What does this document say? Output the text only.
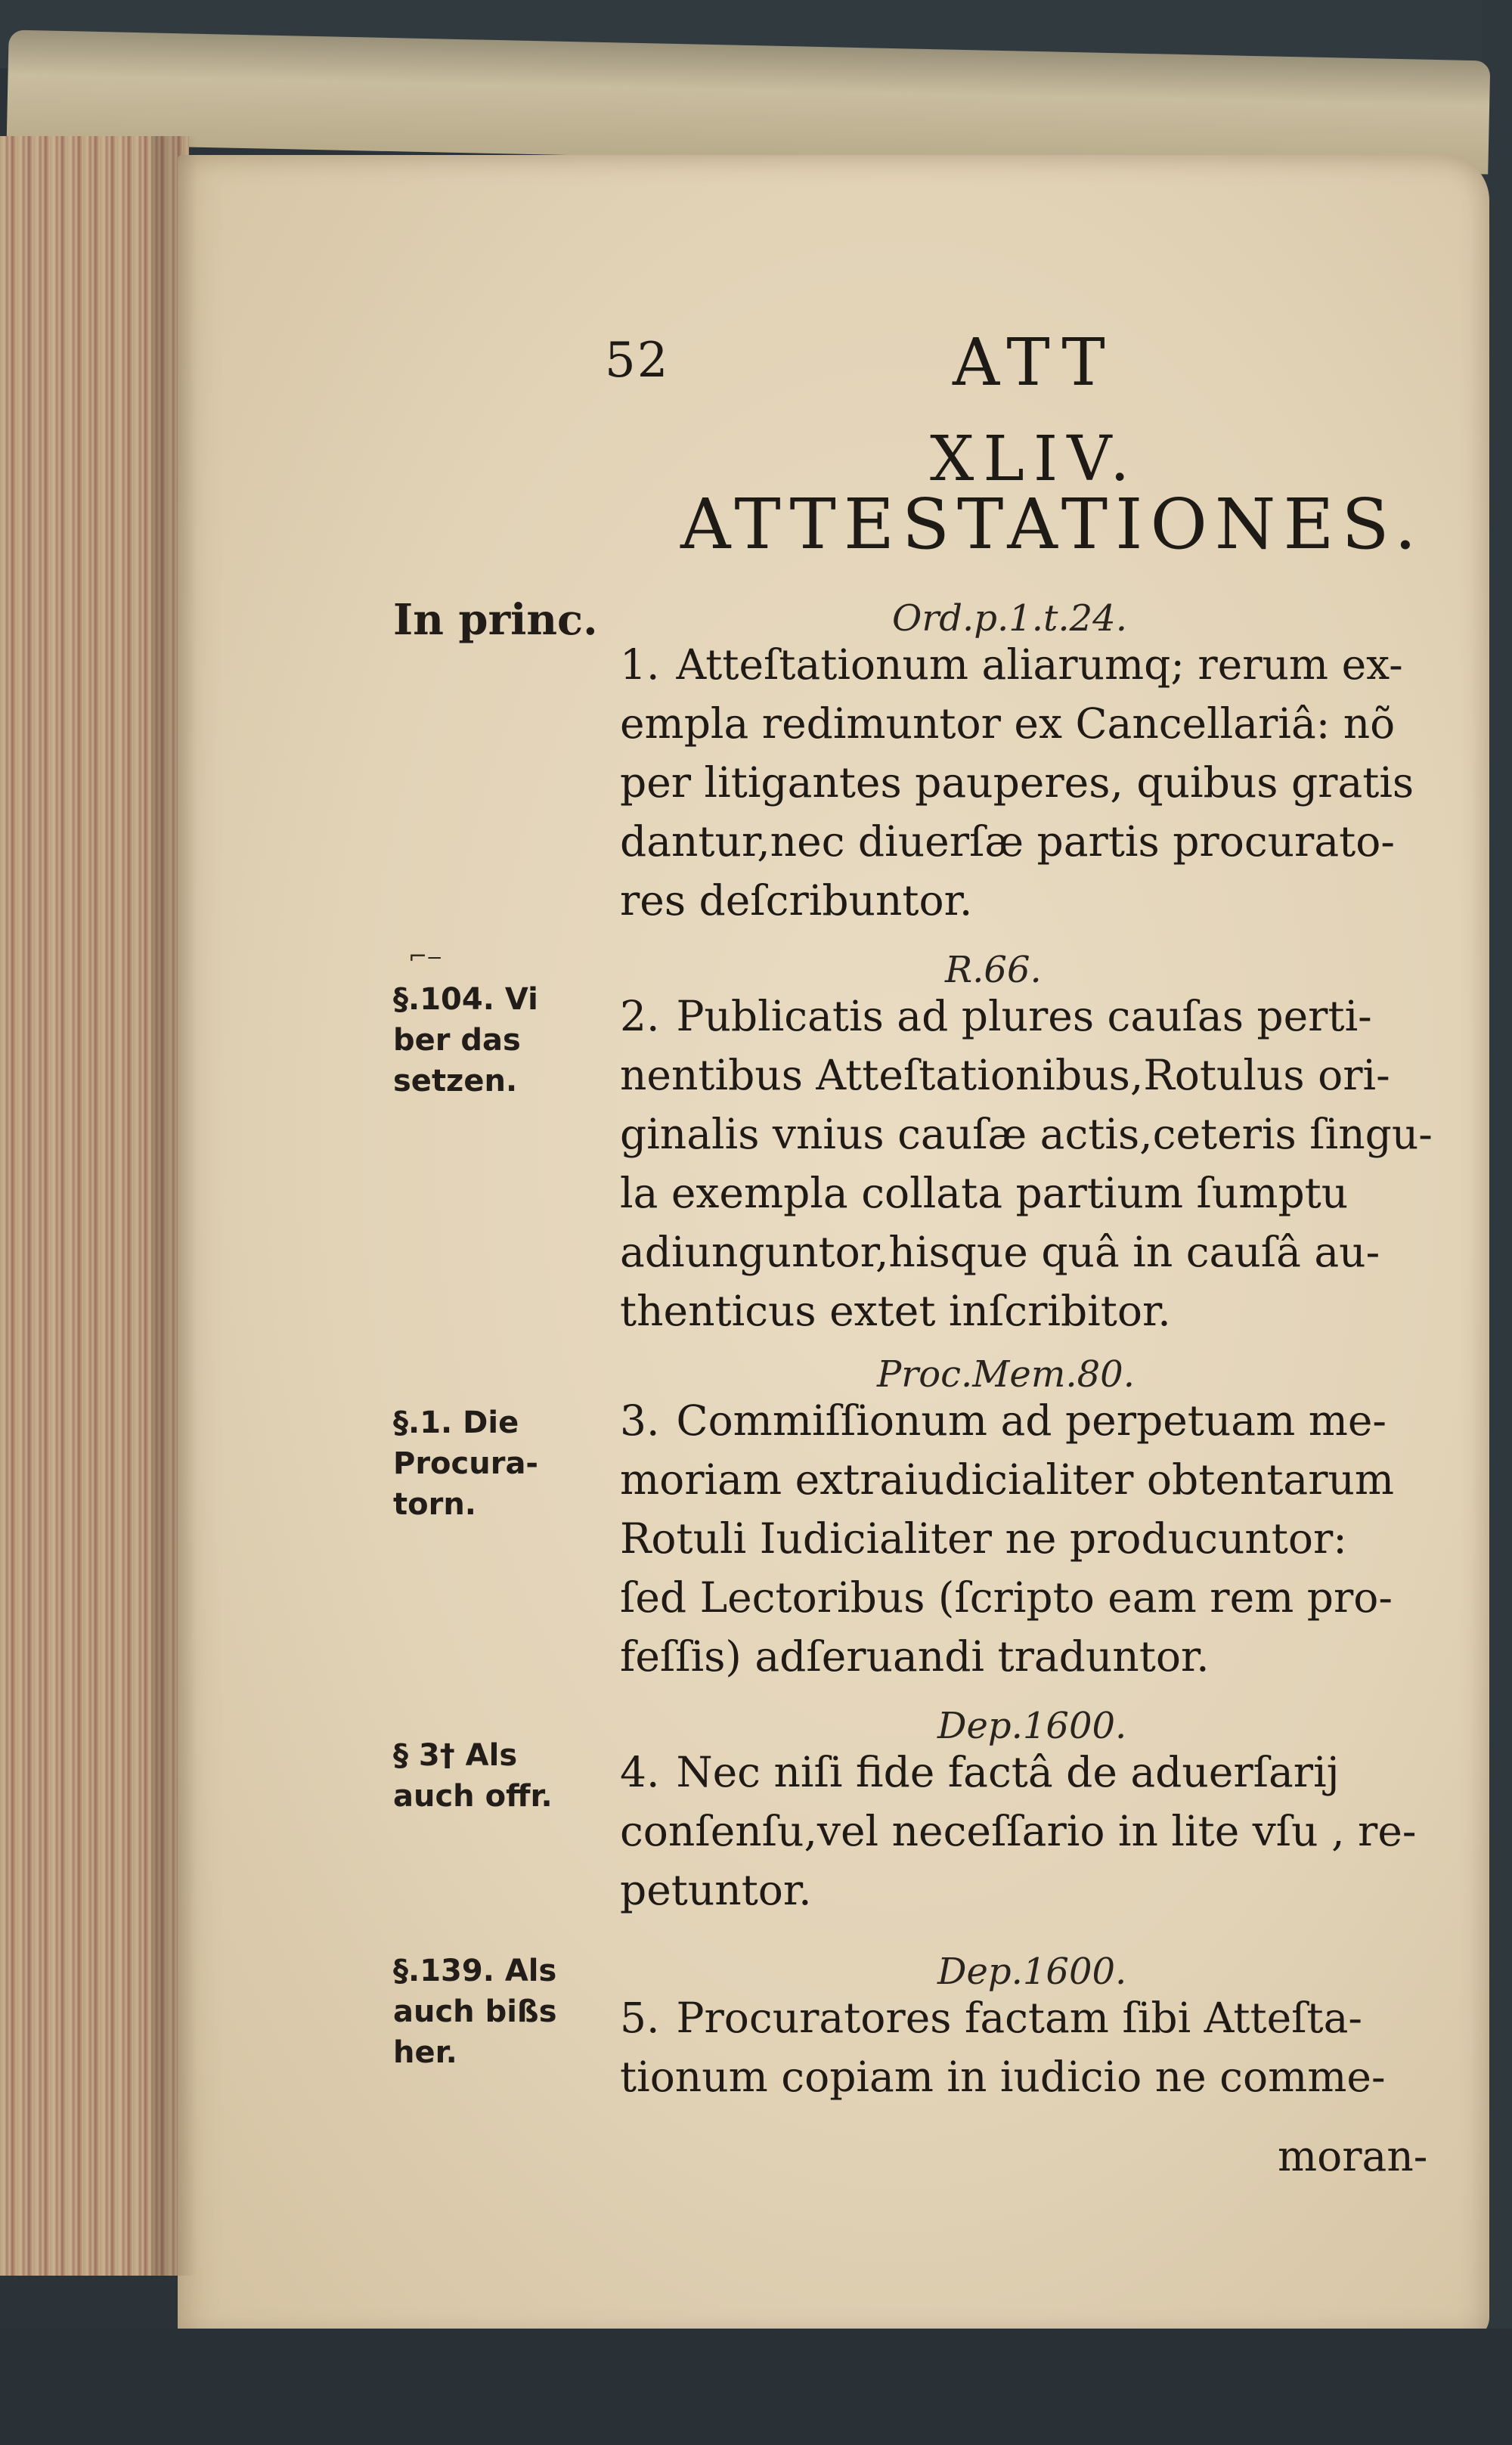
52	ATT
XLIV.
ATTESTATIONES.
In princ.
§.104. Vi
ber das
setzen.
§.1. Die
Procura-
torn.
§ 3† Als
auch offr.
§.139. Als
auch bißs
her.
⌐‒
Ord.p.1.t.24.
1. Atteſtationum aliarumq; rerum ex-
empla redimuntor ex Cancellariâ: nõ
per litigantes pauperes, quibus gratis
dantur,nec diuerſæ partis procurato-
res deſcribuntor.
R.66.
2. Publicatis ad plures cauſas perti-
nentibus Atteſtationibus,Rotulus ori-
ginalis vnius cauſæ actis,ceteris ſingu-
la exempla collata partium ſumptu
adiunguntor,hisque quâ in cauſâ au-
thenticus extet inſcribitor.
Proc.Mem.80.
3. Commiſſionum ad perpetuam me-
moriam extraiudicialiter obtentarum
Rotuli Iudicialiter ne producuntor:
ſed Lectoribus (ſcripto eam rem pro-
feſſis) adſeruandi traduntor.
Dep.1600.
4. Nec niſi fide factâ de aduerſarij
conſenſu,vel neceſſario in lite vſu , re-
petuntor.
Dep.1600.
5. Procuratores factam ſibi Atteſta-
tionum copiam in iudicio ne comme-
moran-
